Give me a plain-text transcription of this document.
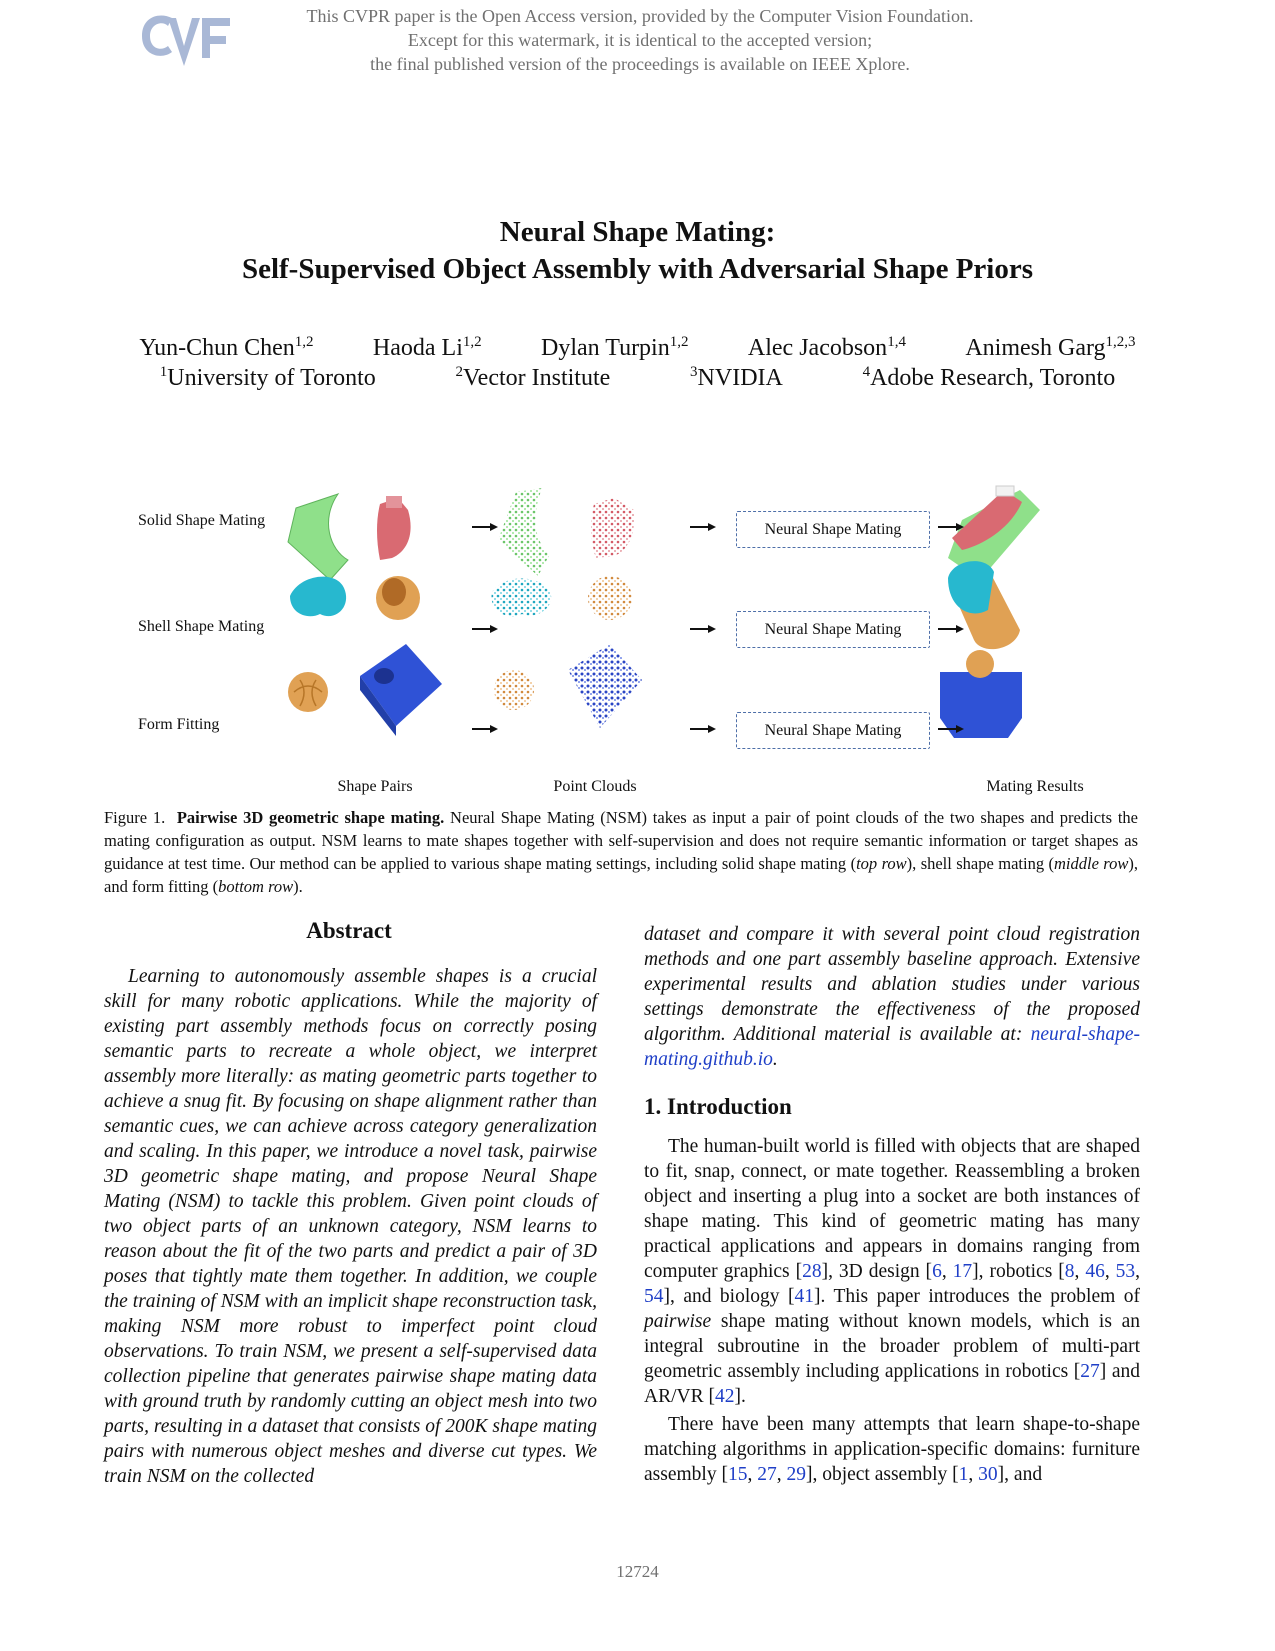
This CVPR paper is the Open Access version, provided by the Computer Vision Foundation.
Except for this watermark, it is identical to the accepted version;
the final published version of the proceedings is available on IEEE Xplore.
Neural Shape Mating:
Self-Supervised Object Assembly with Adversarial Shape Priors
Yun-Chun Chen$^{1,2}$ Haoda Li$^{1,2}$ Dylan Turpin$^{1,2}$ Alec Jacobson$^{1,4}$ Animesh Garg$^{1,2,3}$
$^1$University of Toronto	$^2$Vector Institute	$^3$NVIDIA	$^4$Adobe Research, Toronto
Solid Shape Mating
Shell Shape Mating
Form Fitting
Neural Shape Mating
Neural Shape Mating
Neural Shape Mating
Shape Pairs	Point Clouds	Mating Results
Figure 1. Pairwise 3D geometric shape mating. Neural Shape Mating (NSM) takes as input a pair of point clouds of the two shapes and predicts the mating configuration as output. NSM learns to mate shapes together with self-supervision and does not require semantic information or target shapes as guidance at test time. Our method can be applied to various shape mating settings, including solid shape mating (top row), shell shape mating (middle row), and form fitting (bottom row).
Abstract

Learning to autonomously assemble shapes is a crucial skill for many robotic applications. While the majority of existing part assembly methods focus on correctly posing semantic parts to recreate a whole object, we interpret assembly more literally: as mating geometric parts together to achieve a snug fit. By focusing on shape alignment rather than semantic cues, we can achieve across category generalization and scaling. In this paper, we introduce a novel task, pairwise 3D geometric shape mating, and propose Neural Shape Mating (NSM) to tackle this problem. Given point clouds of two object parts of an unknown category, NSM learns to reason about the fit of the two parts and predict a pair of 3D poses that tightly mate them together. In addition, we couple the training of NSM with an implicit shape reconstruction task, making NSM more robust to imperfect point cloud observations. To train NSM, we present a self-supervised data collection pipeline that generates pairwise shape mating data with ground truth by randomly cutting an object mesh into two parts, resulting in a dataset that consists of 200K shape mating pairs with numerous object meshes and diverse cut types. We train NSM on the collected

dataset and compare it with several point cloud registration methods and one part assembly baseline approach. Extensive experimental results and ablation studies under various settings demonstrate the effectiveness of the proposed algorithm. Additional material is available at: neural-shape-mating.github.io.

1. Introduction

The human-built world is filled with objects that are shaped to fit, snap, connect, or mate together. Reassembling a broken object and inserting a plug into a socket are both instances of shape mating. This kind of geometric mating has many practical applications and appears in domains ranging from computer graphics [28], 3D design [6, 17], robotics [8, 46, 53, 54], and biology [41]. This paper introduces the problem of pairwise shape mating without known models, which is an integral subroutine in the broader problem of multi-part geometric assembly including applications in robotics [27] and AR/VR [42].

There have been many attempts that learn shape-to-shape matching algorithms in application-specific domains: furniture assembly [15, 27, 29], object assembly [1, 30], and

12724
